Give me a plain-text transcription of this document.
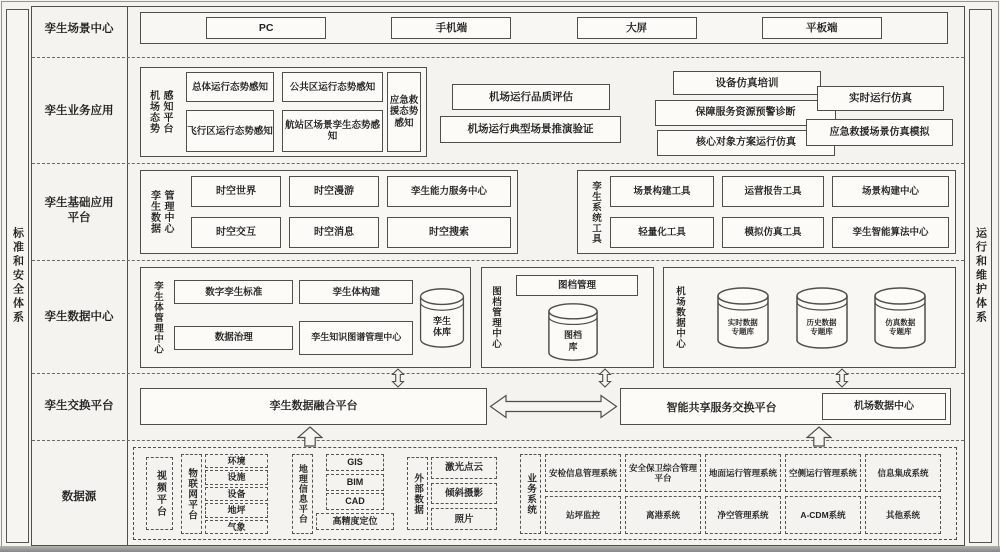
标准和安全体系	运行和维护体系
孪生场景中心	PC	手机端	大屏	平板端
孪生业务应用	机场态势感知平台
总体运行态势感知	公共区运行态势感知
飞行区运行态势感知
航站区场景孪生态势感知
应急救援态势感知
机场运行品质评估
机场运行典型场景推演验证
设备仿真培训
保障服务资源预警诊断
核心对象方案运行仿真
实时运行仿真
应急救援场景仿真模拟
孪生基础应用平台	孪生数据管理中心	时空世界	时空漫游	孪生能力服务中心
时空交互	时空消息	时空搜索	孪生系统工具	场景构建工具	运营报告工具	场景构建中心
轻量化工具	模拟仿真工具	孪生智能算法中心
孪生数据中心	孪生体管理中心	数字孪生标准	孪生体构建
数据治理	孪生知识图谱管理中心
孪生体库	图档管理中心
图档管理
图档库	机场数据中心	实时数据专题库
历史数据专题库
仿真数据专题库
孪生交换平台	孪生数据融合平台	智能共享服务交换平台	机场数据中心
数据源	视频平台	物联网平台
环境
设施
设备
地坪
气象
地理信息平台
GIS
BIM
CAD
高精度定位
外部数据
激光点云
倾斜摄影
照片
业务系统
安检信息管理系统	安全保卫综合管理平台
地面运行管理系统	空侧运行管理系统	信息集成系统
站坪监控	离港系统	净空管理系统	A-CDM系统	其他系统
